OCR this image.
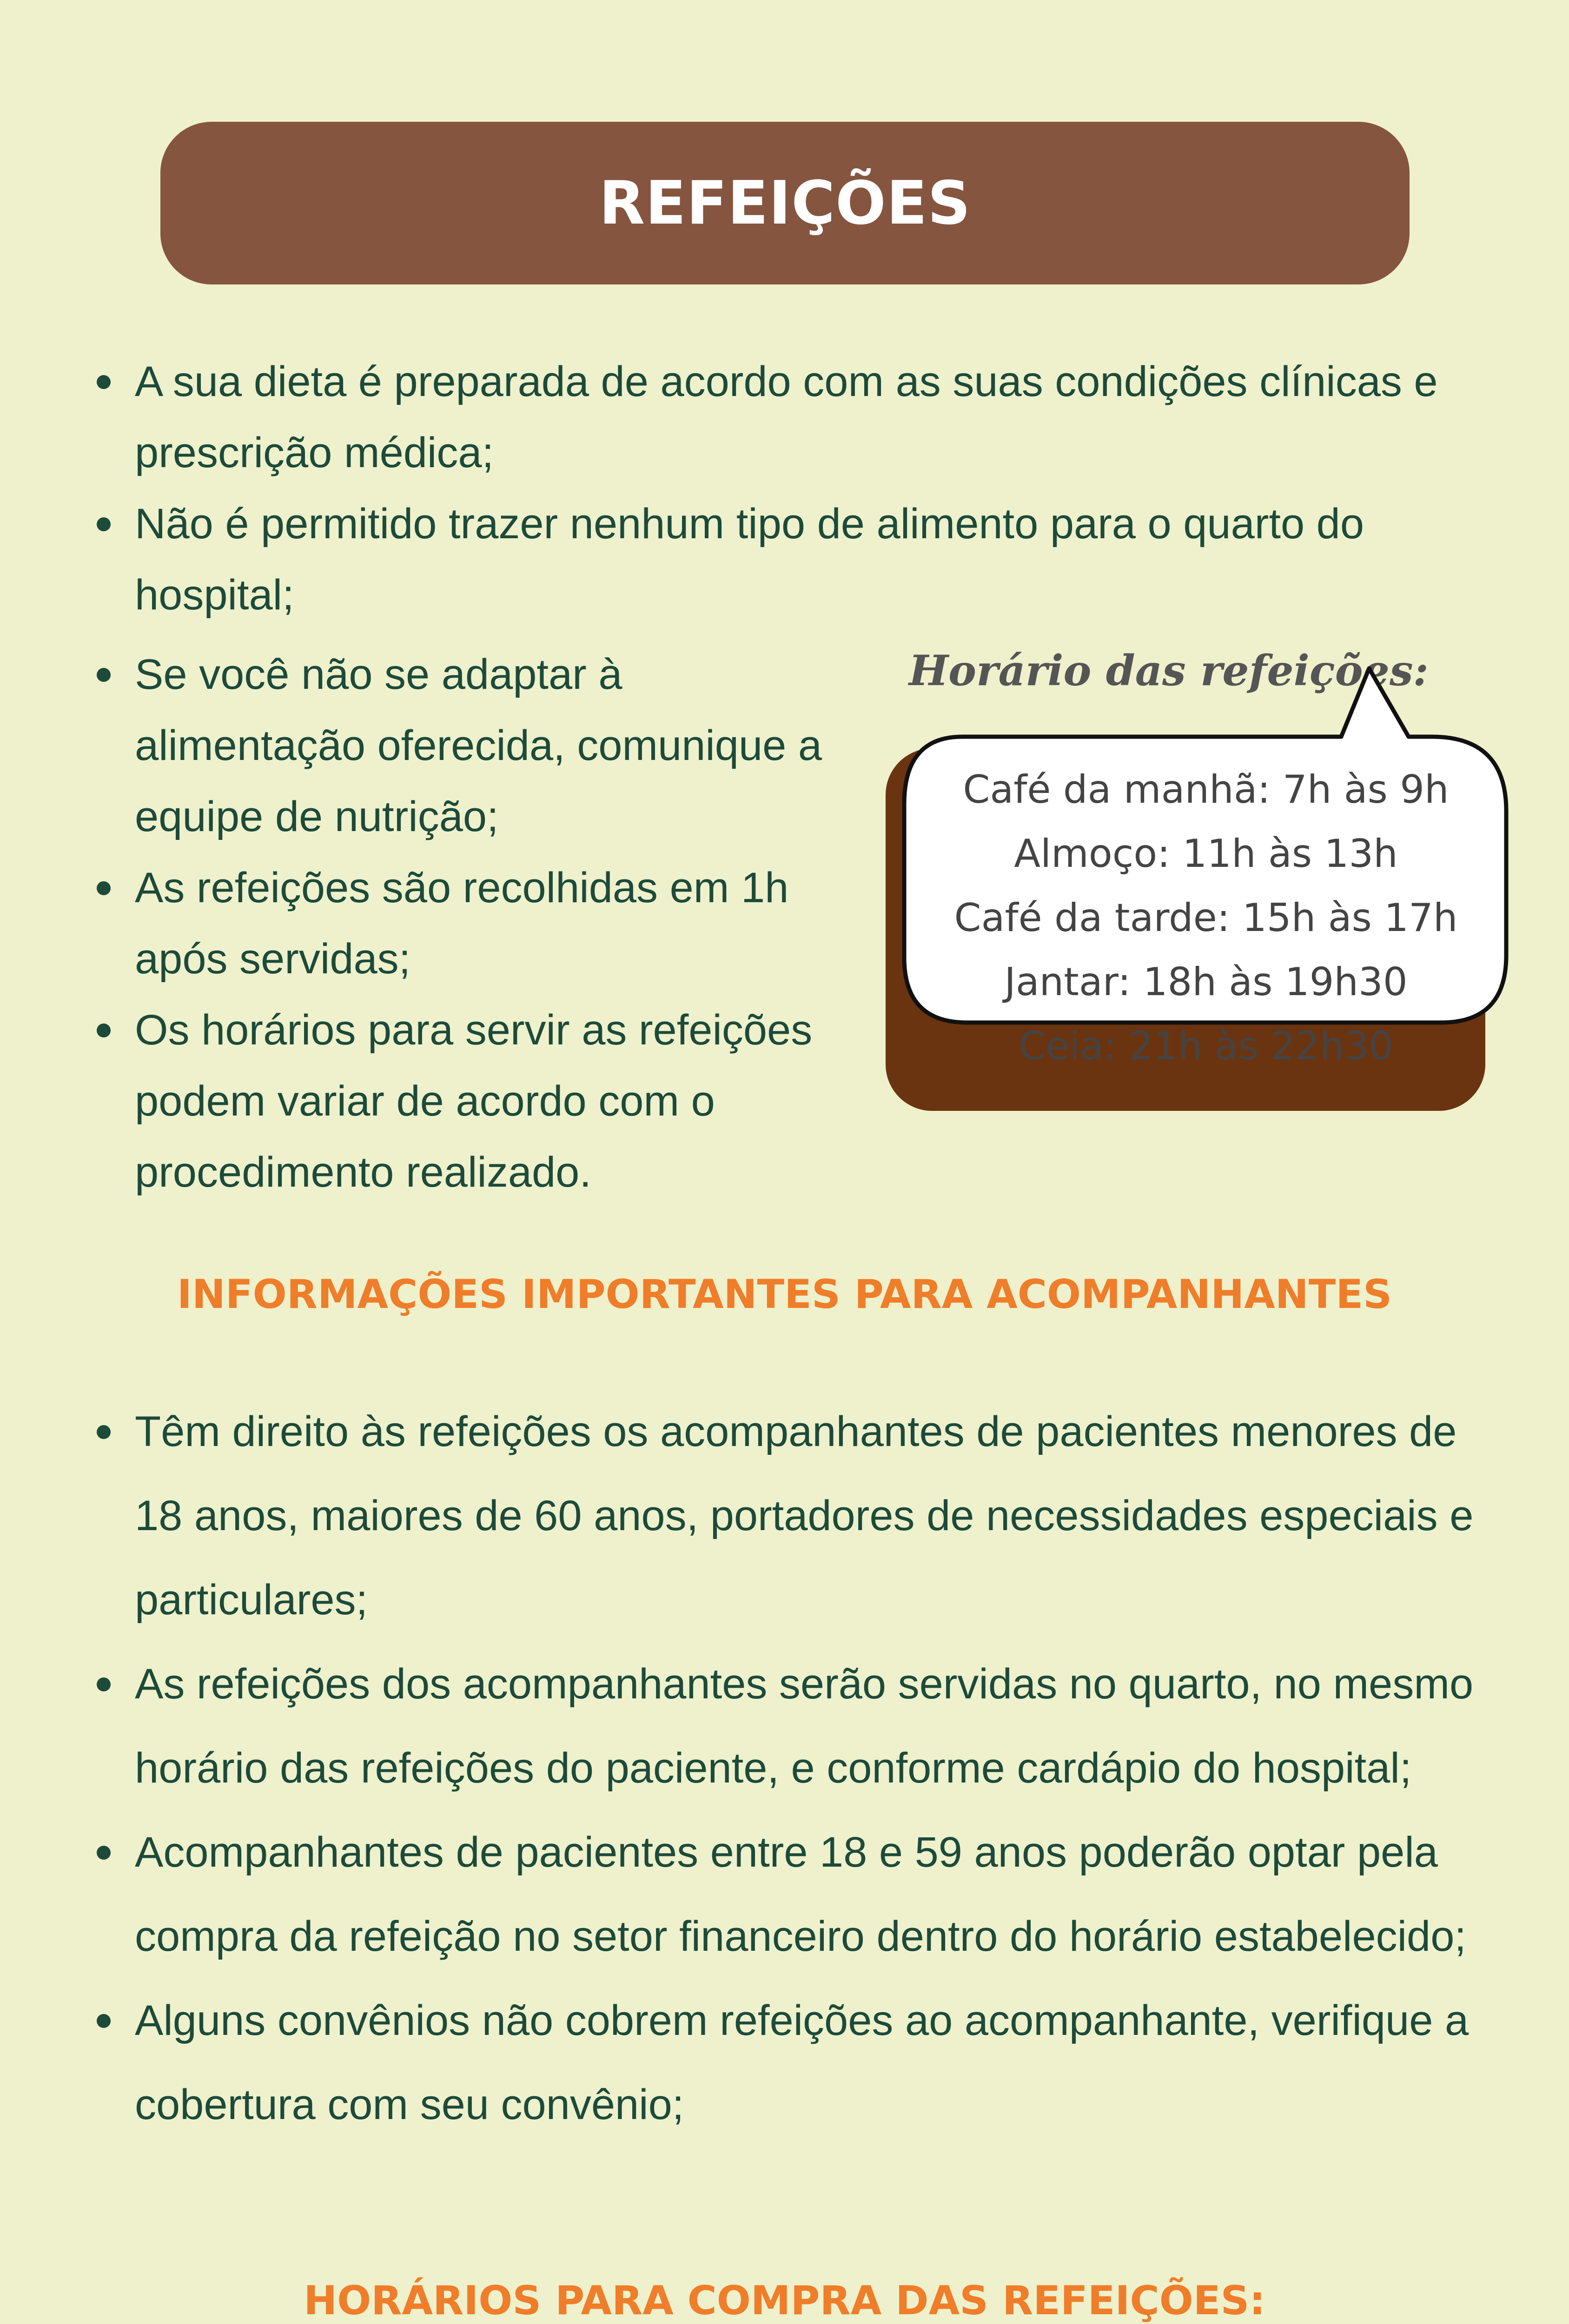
REFEIÇÕES
A sua dieta é preparada de acordo com as suas condições clínicas e prescrição médica;
Não é permitido trazer nenhum tipo de alimento para o quarto do hospital;
Se você não se adaptar à alimentação oferecida, comunique a equipe de nutrição;
As refeições são recolhidas em 1h após servidas;
Os horários para servir as refeições podem variar de acordo com o procedimento realizado.
Horário das refeições:
Café da manhã: 7h às 9h
Almoço: 11h às 13h
Café da tarde: 15h às 17h
Jantar: 18h às 19h30
Ceia: 21h às 22h30
INFORMAÇÕES IMPORTANTES PARA ACOMPANHANTES
Têm direito às refeições os acompanhantes de pacientes menores de 18 anos, maiores de 60 anos, portadores de necessidades especiais e particulares;
As refeições dos acompanhantes serão servidas no quarto, no mesmo horário das refeições do paciente, e conforme cardápio do hospital;
Acompanhantes de pacientes entre 18 e 59 anos poderão optar pela compra da refeição no setor financeiro dentro do horário estabelecido;
Alguns convênios não cobrem refeições ao acompanhante, verifique a cobertura com seu convênio;
HORÁRIOS PARA COMPRA DAS REFEIÇÕES:
